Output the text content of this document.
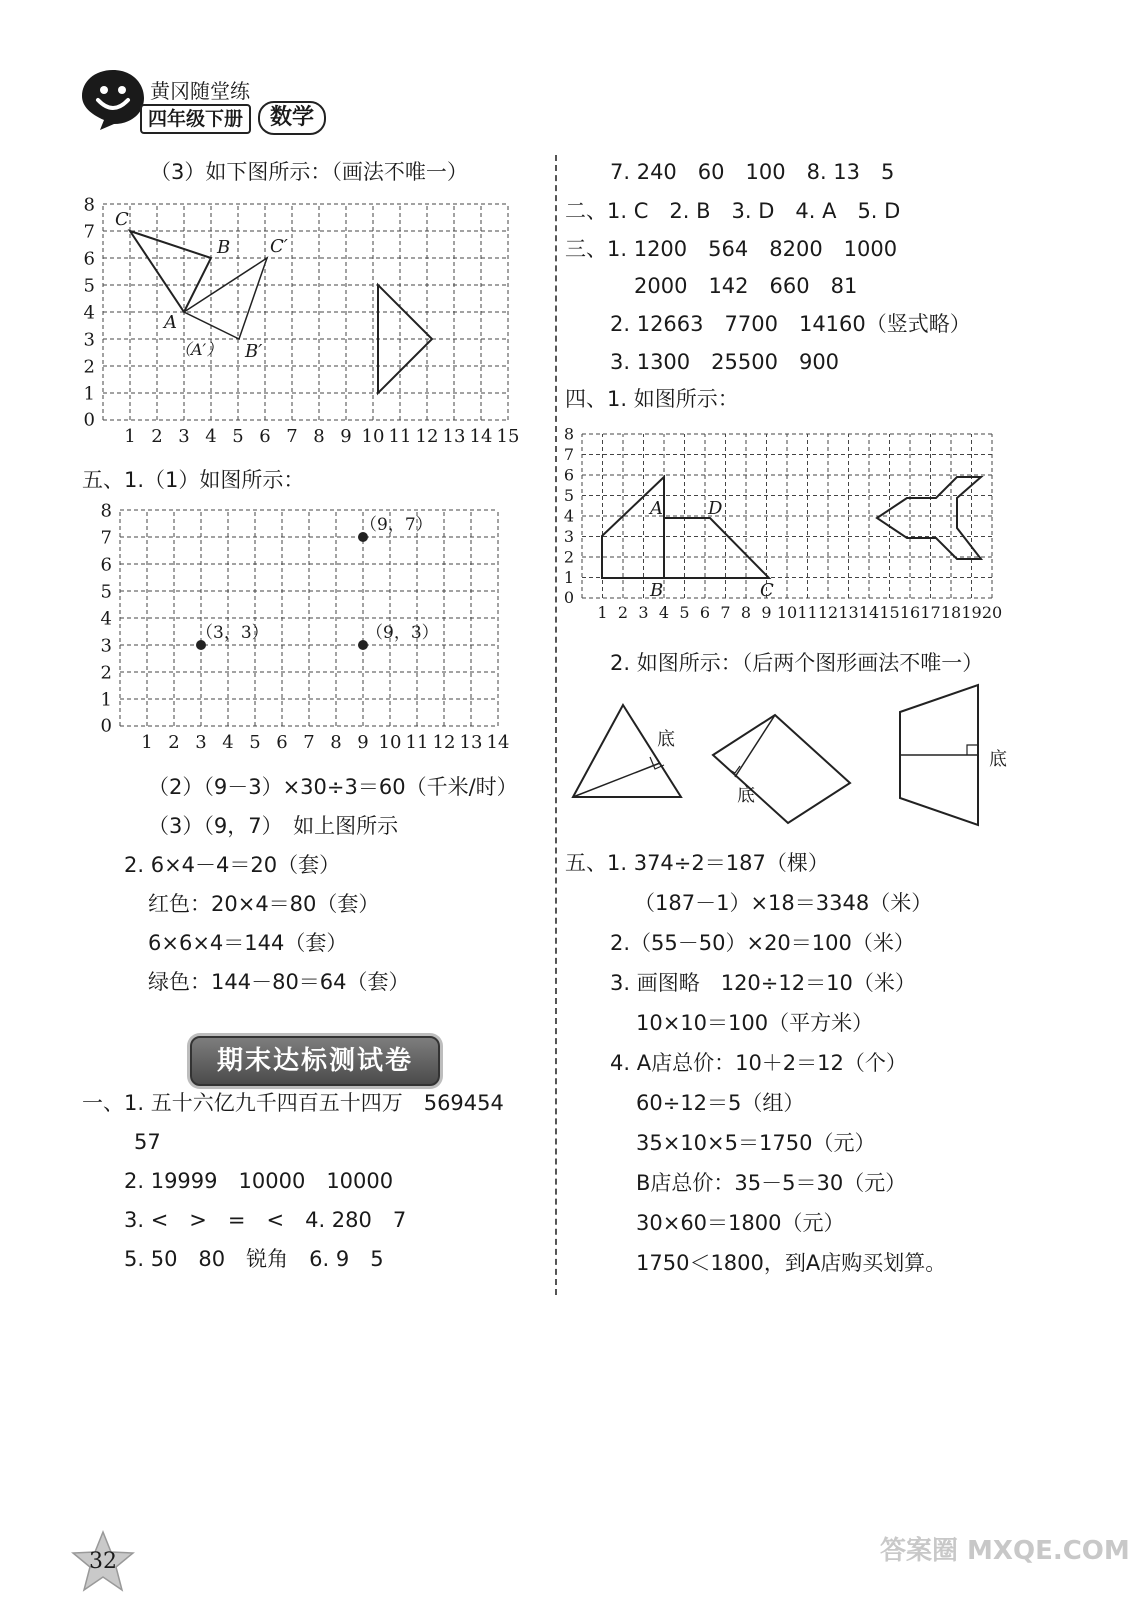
黄冈随堂练
四年级下册	数学
（3）如下图所示：（画法不唯一）
1 2 3 4 5 6 7 8 9 10 11 12 13 14 15
0
1
2
3
4
5
6
7
8
C
B C′
A
（A′） B′
五、1.（1）如图所示：
1 2 3 4 5 6 7 8 9 10 11 12 13 14
0
1
2
3
4
5
6
7
8
（9，7）
（3，3）	（9，3）
（2）（9－3）×30÷3＝60（千米/时）
（3）（9，7）　如上图所示
2. 6×4－4＝20（套）
红色：20×4＝80（套）
6×6×4＝144（套）
绿色：144－80＝64（套）
期末达标测试卷
一、1. 五十六亿九千四百五十四万　569454
57
2. 19999　10000　10000
3. <　>　=　<　4. 280　7
5. 50　80　锐角　6. 9　5
7. 240　60　100　8. 13　5
二、1. C　2. B　3. D　4. A　5. D
三、1. 1200　564　8200　1000
2000　142　660　81
2. 12663　7700　14160（竖式略）
3. 1300　25500　900
四、1. 如图所示：
1 2 3 4 5 6 7 8 9 10 11 12 13 14 15 16 17 18 19 20
0
1
2
3
4
5
6
7
8
A	D
B	C
2. 如图所示：（后两个图形画法不唯一）
底
底
底
五、1. 374÷2＝187（棵）
（187－1）×18＝3348（米）
2.（55－50）×20＝100（米）
3. 画图略　120÷12＝10（米）
10×10＝100（平方米）
4. A店总价：10＋2＝12（个）
60÷12＝5（组）
35×10×5＝1750（元）
B店总价：35－5＝30（元）
30×60＝1800（元）
1750＜1800，到A店购买划算。
32	答案圈 MXQE.COM
